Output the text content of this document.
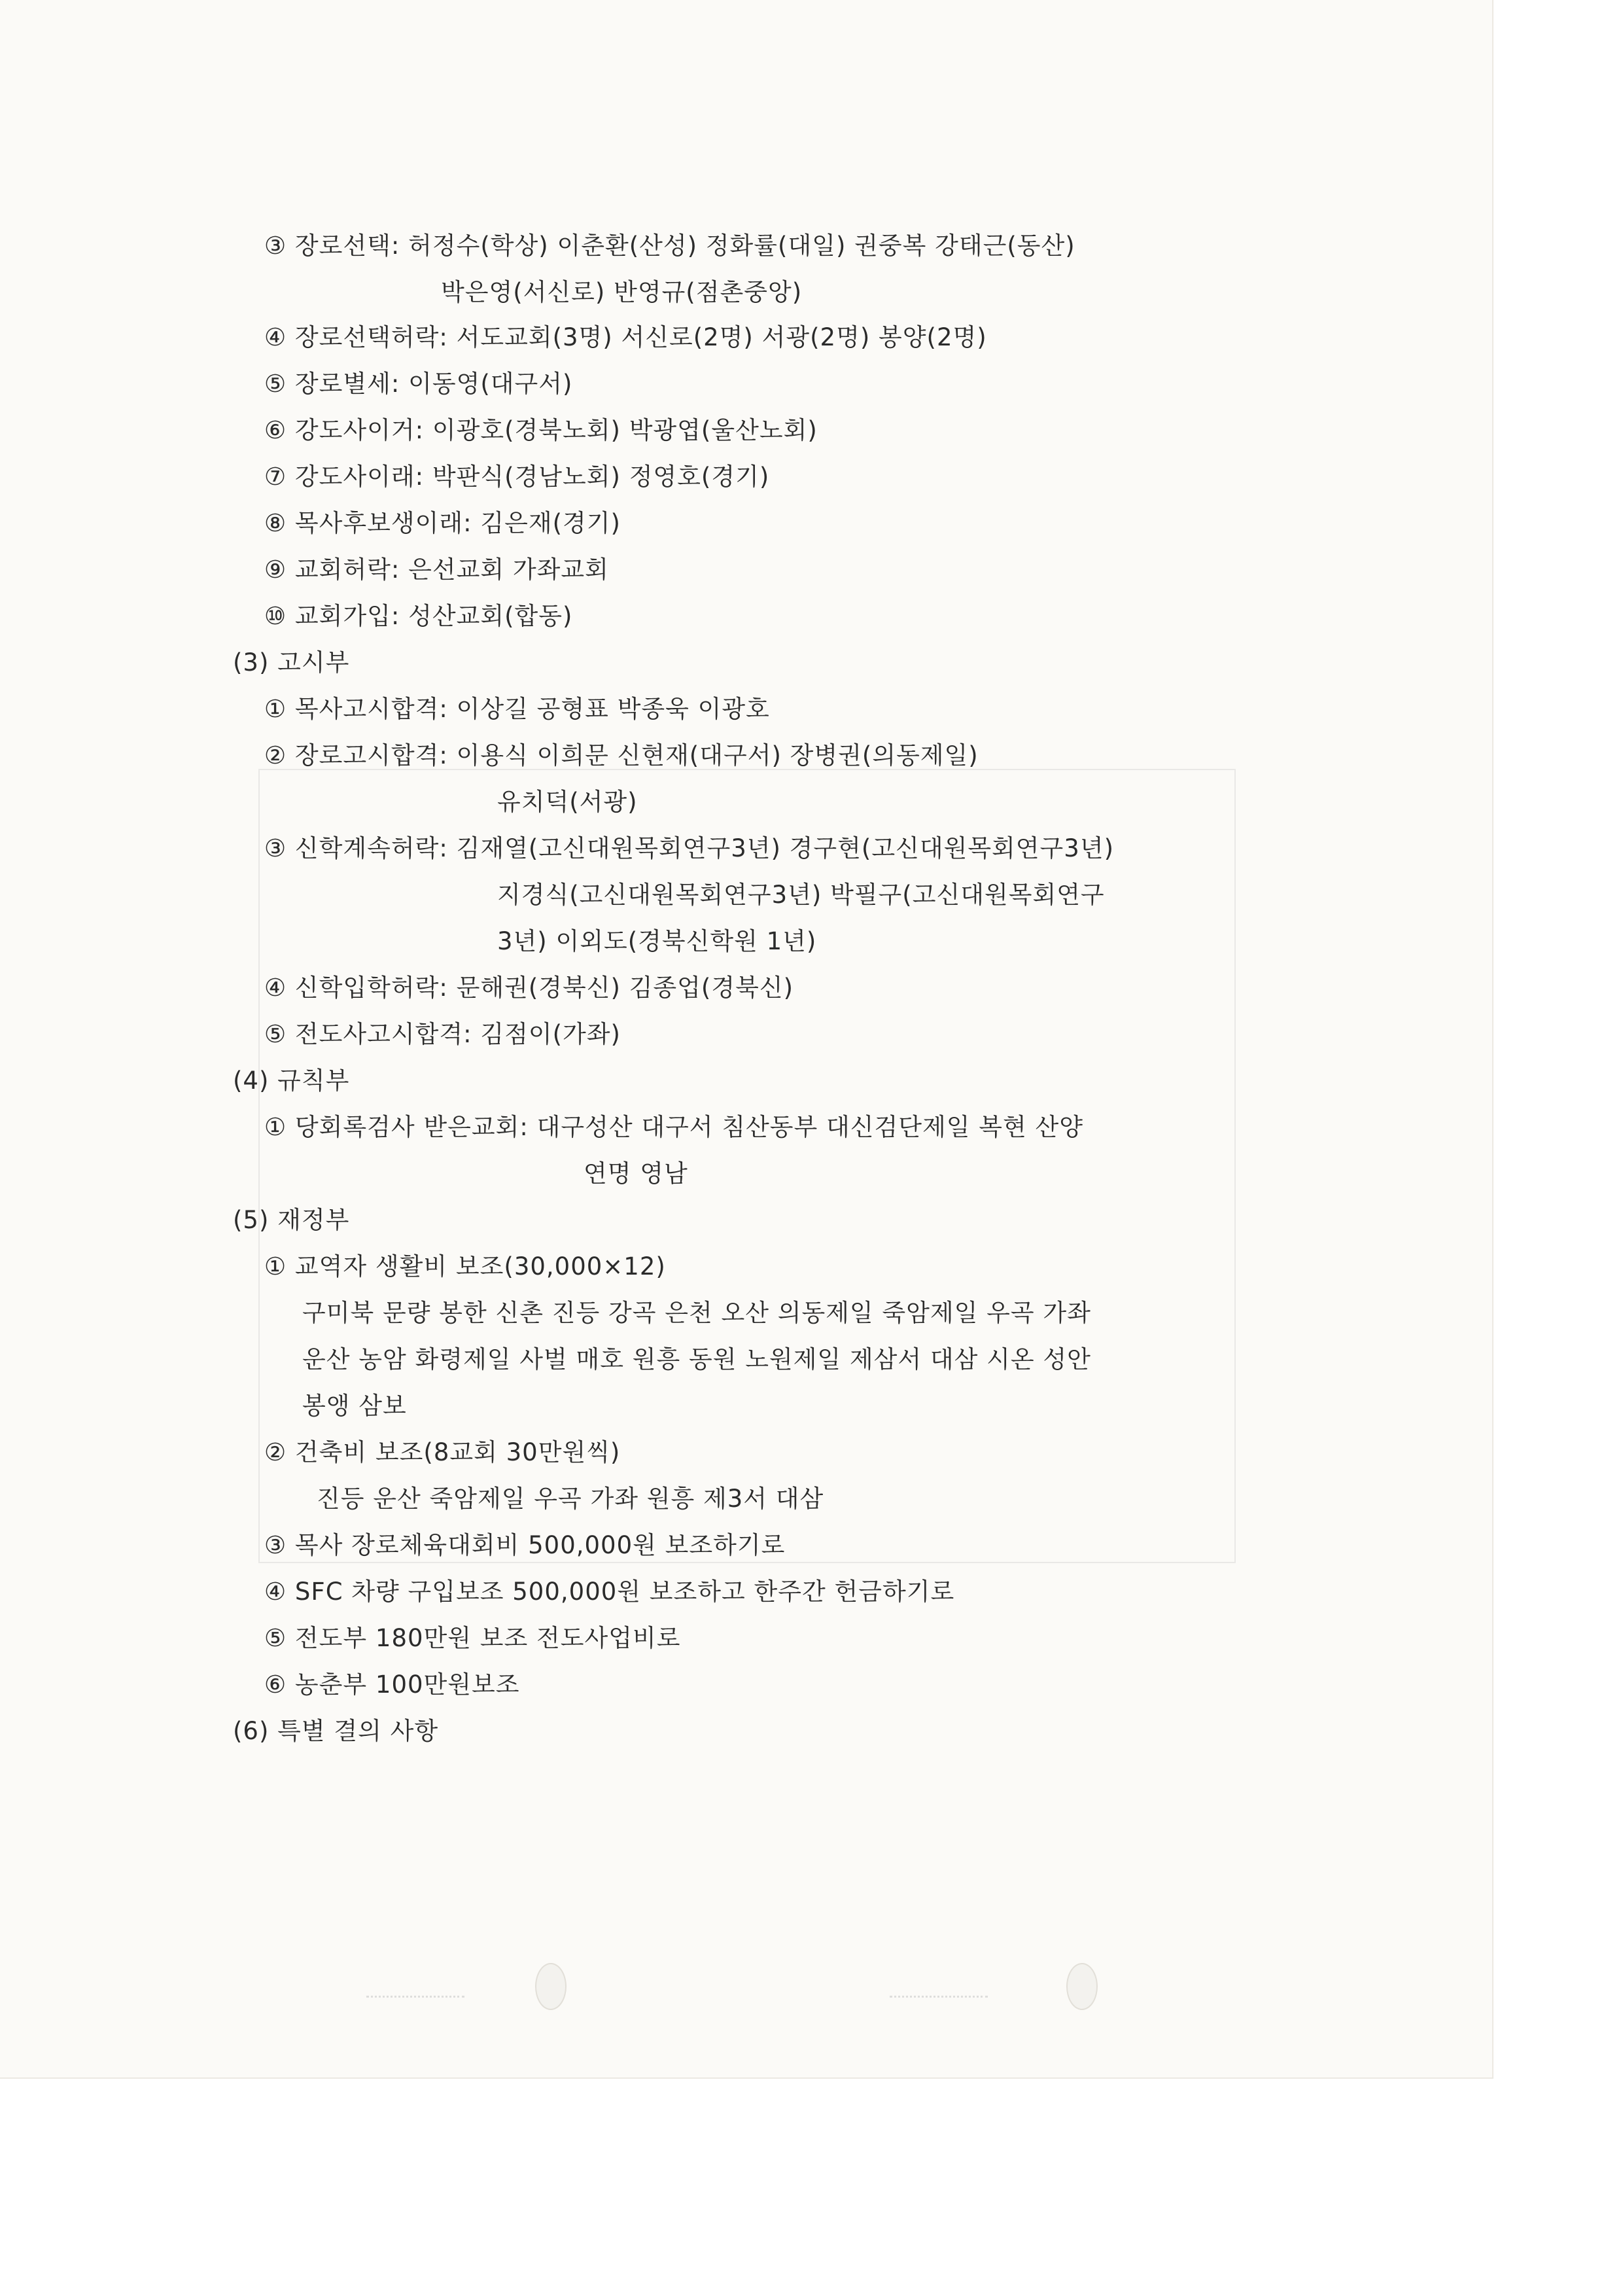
③ 장로선택: 허정수(학상) 이춘환(산성) 정화률(대일) 권중복 강태근(동산)
박은영(서신로) 반영규(점촌중앙)
④ 장로선택허락: 서도교회(3명) 서신로(2명) 서광(2명) 봉양(2명)
⑤ 장로별세: 이동영(대구서)
⑥ 강도사이거: 이광호(경북노회) 박광엽(울산노회)
⑦ 강도사이래: 박판식(경남노회) 정영호(경기)
⑧ 목사후보생이래: 김은재(경기)
⑨ 교회허락: 은선교회 가좌교회
⑩ 교회가입: 성산교회(합동)
(3) 고시부
① 목사고시합격: 이상길 공형표 박종욱 이광호
② 장로고시합격: 이용식 이희문 신현재(대구서) 장병권(의동제일)
유치덕(서광)
③ 신학계속허락: 김재열(고신대원목회연구3년) 경구현(고신대원목회연구3년)
지경식(고신대원목회연구3년) 박필구(고신대원목회연구
3년) 이외도(경북신학원 1년)
④ 신학입학허락: 문해권(경북신) 김종업(경북신)
⑤ 전도사고시합격: 김점이(가좌)
(4) 규칙부
① 당회록검사 받은교회: 대구성산 대구서 침산동부 대신검단제일 복현 산양
연명 영남
(5) 재정부
① 교역자 생활비 보조(30,000×12)
구미북 문량 봉한 신촌 진등 강곡 은천 오산 의동제일 죽암제일 우곡 가좌
운산 농암 화령제일 사벌 매호 원흥 동원 노원제일 제삼서 대삼 시온 성안
봉앵 삼보
② 건축비 보조(8교회 30만원씩)
진등 운산 죽암제일 우곡 가좌 원흥 제3서 대삼
③ 목사 장로체육대회비 500,000원 보조하기로
④ SFC 차량 구입보조 500,000원 보조하고 한주간 헌금하기로
⑤ 전도부 180만원 보조 전도사업비로
⑥ 농춘부 100만원보조
(6) 특별 결의 사항
